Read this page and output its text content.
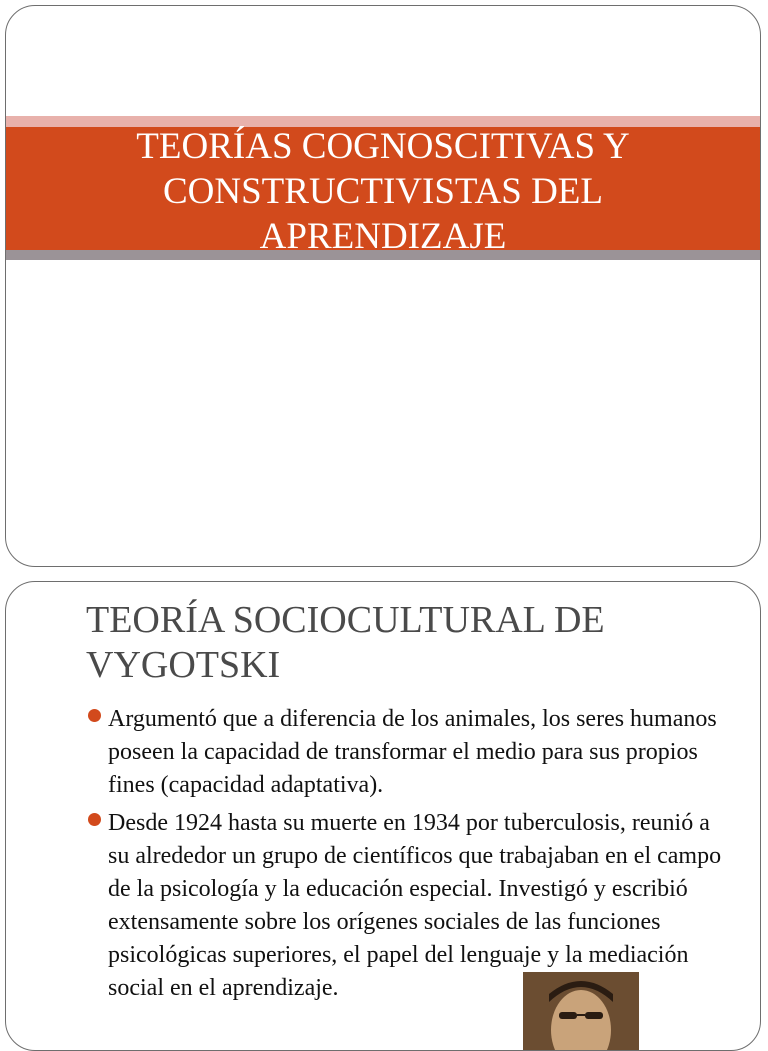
TEORÍAS COGNOSCITIVAS Y
CONSTRUCTIVISTAS DEL
APRENDIZAJE
TEORÍA SOCIOCULTURAL DE
VYGOTSKI
Argumentó que a diferencia de los animales, los seres humanos poseen la capacidad de transformar el medio para sus propios fines (capacidad adaptativa).
Desde 1924 hasta su muerte en 1934 por tuberculosis, reunió a su alrededor un grupo de científicos que trabajaban en el campo de la psicología y la educación especial. Investigó y escribió extensamente sobre los orígenes sociales de las funciones psicológicas superiores, el papel del lenguaje y la mediación social en el aprendizaje.
